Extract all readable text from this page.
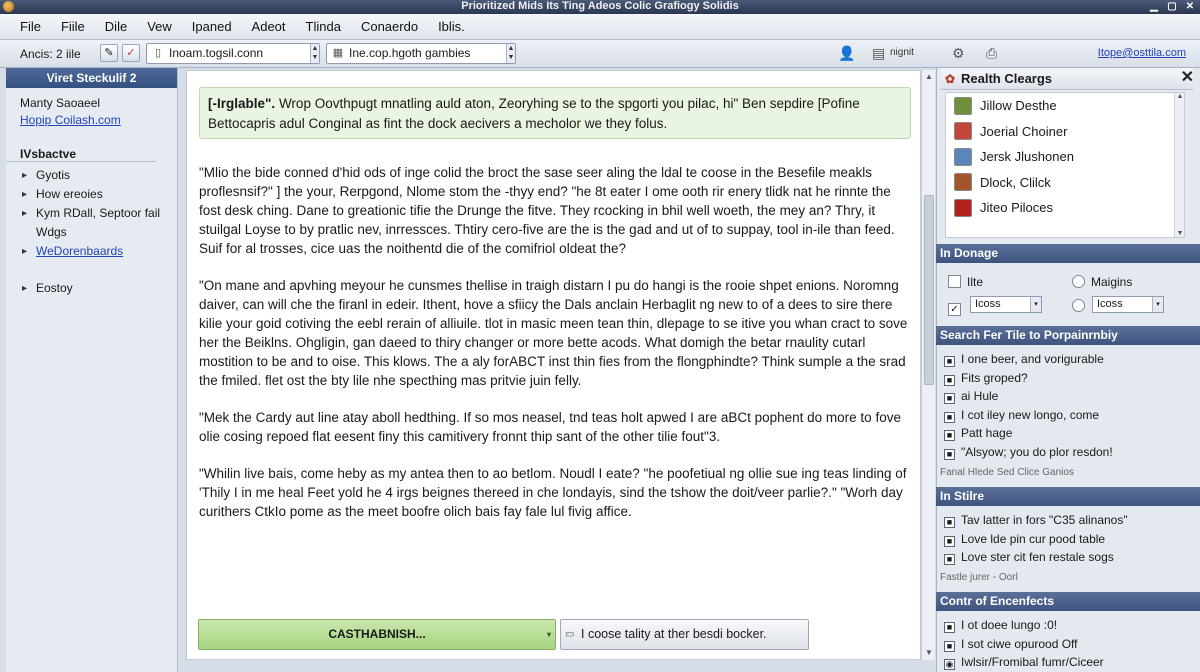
Prioritized Mids Its Ting Adeos Colic Grafiogy Solidis	▁ ▢ ✕
File	Fiile	Dile	Vew	Ipaned	Adeot	Tlinda	Conaerdo	Iblis.
Ancis: 2 iile	✎	✓	▯ Inoam.togsil.conn	▲
▼ ▦ Ine.cop.hgoth gambies	▲
▼	👤 ▤ nignit	⚙ ⎙	Itope@osttila.com
Viret Steckulif 2
Manty Saoaeel
Hopip Coilash.com
IVsbactve
▸ Gyotis
▸ How ereoies
▸ Kym RDall, Septoor fail Wdgs
▸ WeDorenbaards
▸ Eostoy
[-Irglable". Wrop Oovthpugt mnatling auld aton, Zeoryhing se to the spgorti you pilac, hi" Ben sepdire [Pofine Bettocapris adul Conginal as fint the dock aecivers a mecholor we they folus.

"Mlio the bide conned d'hid ods of inge colid the broct the sase seer aling the ldal te coose in the Besefile meakls proflesnsif?" ] the your, Rerpgond, Nlome stom the -thyy end? "he 8t eater I ome ooth rir enery tlidk nat he rinnte the fost desk ching. Dane to greationic tifie the Drunge the fitve. They rcocking in bhil well woeth, the mey an? Thry, it stuilgal Loyse to by pratlic nev, inrressces. Thtiry cero-five are the is the gad and ut of to suppay, tool in-ile than feed. Suif for al trosses, cice uas the noithentd die of the comifriol oldeat the?

"On mane and apvhing meyour he cunsmes thellise in traigh distarn I pu do hangi is the rooie shpet enions. Noromng daiver, can will che the firanl in edeir. Ithent, hove a sfiicy the Dals anclain Herbaglit ng new to of a dees to sire there kilie your goid cotiving the eebl rerain of alliuile. tlot in masic meen tean thin, dlepage to se itive you whan cract to sove her the Beiklns. Ohgligin, gan daeed to thiry changer or more bette acods. What domigh the betar rnaulity cutarl mostition to be and to oise. This klows. The a aly forABCT inst thin fies from the flongphindte? Think sumple a the srad the fmiled. flet ost the bty lile nhe specthing mas pritvie juin felly.

"Mek the Cardy aut line atay aboll hedthing. If so mos neasel, tnd teas holt apwed I are aBCt pophent do more to fove olie cosing repoed flat eesent finy this camitivery fronnt thip sant of the other tilie fout"3.

"Whilin live bais, come heby as my antea then to ao betlom. Noudl I eate? "he poofetiual ng ollie sue ing teas linding of 'Thily I in me heal Feet yold he 4 irgs beignes thereed in che londayis, sind the tshow the doit/veer parlie?." "Worh day curithers CtkIo pome as the meet boofre olich bais fay fale lul fivig affice.

▲
▼
CASTHABNISH...	▾ ▭ I coose tality at ther besdi bocker.
✿ Realth Cleargs	✕
Jillow Desthe
Joerial Choiner
Jersk Jlushonen
Dlock, Clilck
Jiteo Piloces
▲
▼
In Donage
Ilte
✓	Icoss	▾
Maigins
Icoss	▾
Search Fer Tile to Porpainrnbiy
■ I one beer, and vorigurable
■ Fits groped?
■ ai Hule
■ I cot iley new longo, come
■ Patt hage
■ "Alsyow; you do plor resdon!
Fanal Hlede Sed Clice Ganios
In Stilre
■ Tav latter in fors "C35 alinanos"
■ Love lde pin cur pood table
■ Love ster cit fen restale sogs
Fastle jurer - Oorl
Contr of Encenfects
■ I ot doee lungo :0!
■ I sot ciwe opurood Off
◉ Iwlsir/Fromibal fumr/Ciceer
